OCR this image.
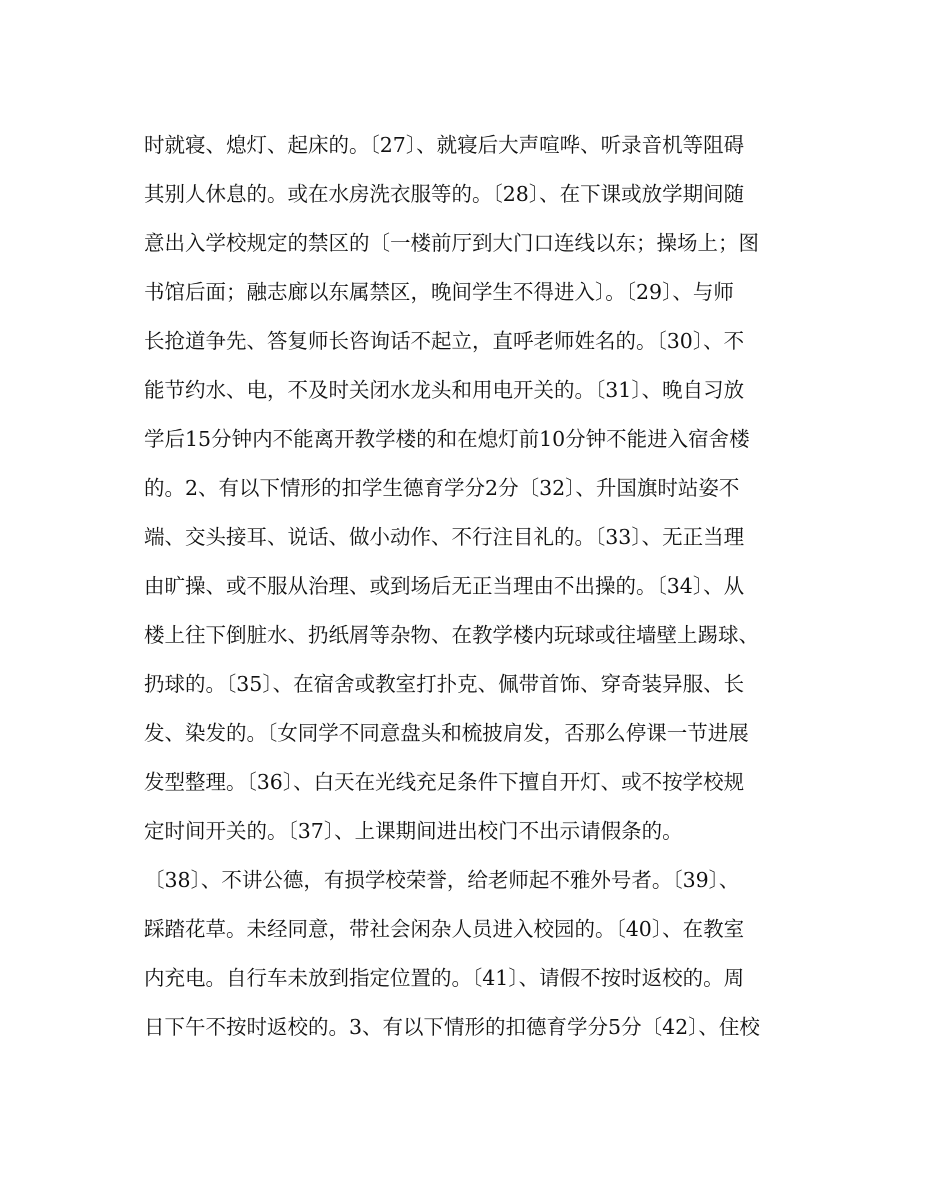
时就寝、熄灯、起床的。〔27〕、就寝后大声喧哗、听录音机等阻碍
其别人休息的。或在水房洗衣服等的。〔28〕、在下课或放学期间随
意出入学校规定的禁区的〔一楼前厅到大门口连线以东；操场上；图
书馆后面；融志廊以东属禁区，晚间学生不得进入〕。〔29〕、与师
长抢道争先、答复师长咨询话不起立，直呼老师姓名的。〔30〕、不
能节约水、电，不及时关闭水龙头和用电开关的。〔31〕、晚自习放
学后15分钟内不能离开教学楼的和在熄灯前10分钟不能进入宿舍楼
的。2、有以下情形的扣学生德育学分2分〔32〕、升国旗时站姿不
端、交头接耳、说话、做小动作、不行注目礼的。〔33〕、无正当理
由旷操、或不服从治理、或到场后无正当理由不出操的。〔34〕、从
楼上往下倒脏水、扔纸屑等杂物、在教学楼内玩球或往墙壁上踢球、
扔球的。〔35〕、在宿舍或教室打扑克、佩带首饰、穿奇装异服、长
发、染发的。〔女同学不同意盘头和梳披肩发，否那么停课一节进展
发型整理。〔36〕、白天在光线充足条件下擅自开灯、或不按学校规
定时间开关的。〔37〕、上课期间进出校门不出示请假条的。
〔38〕、不讲公德，有损学校荣誉，给老师起不雅外号者。〔39〕、
踩踏花草。未经同意，带社会闲杂人员进入校园的。〔40〕、在教室
内充电。自行车未放到指定位置的。〔41〕、请假不按时返校的。周
日下午不按时返校的。3、有以下情形的扣德育学分5分〔42〕、住校
